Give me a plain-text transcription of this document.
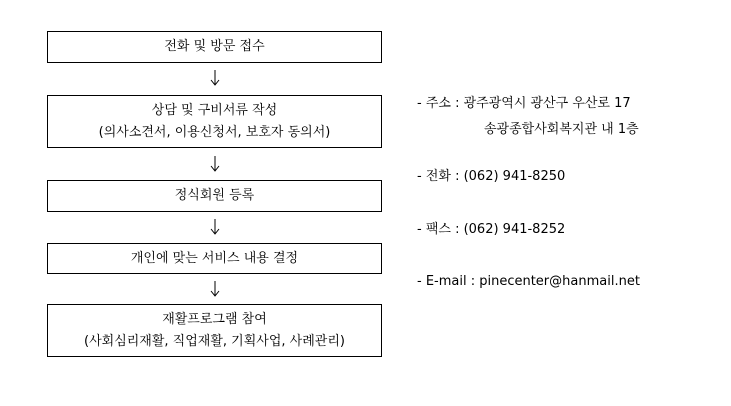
전화 및 방문 접수
상담 및 구비서류 작성
(의사소견서, 이용신청서, 보호자 동의서)
정식회원 등록
개인에 맞는 서비스 내용 결정
재활프로그램 참여
(사회심리재활, 직업재활, 기획사업, 사례관리)
- 주소 : 광주광역시 광산구 우산로 17
송광종합사회복지관 내 1층
- 전화 : (062) 941-8250
- 팩스 : (062) 941-8252
- E-mail : pinecenter@hanmail.net
